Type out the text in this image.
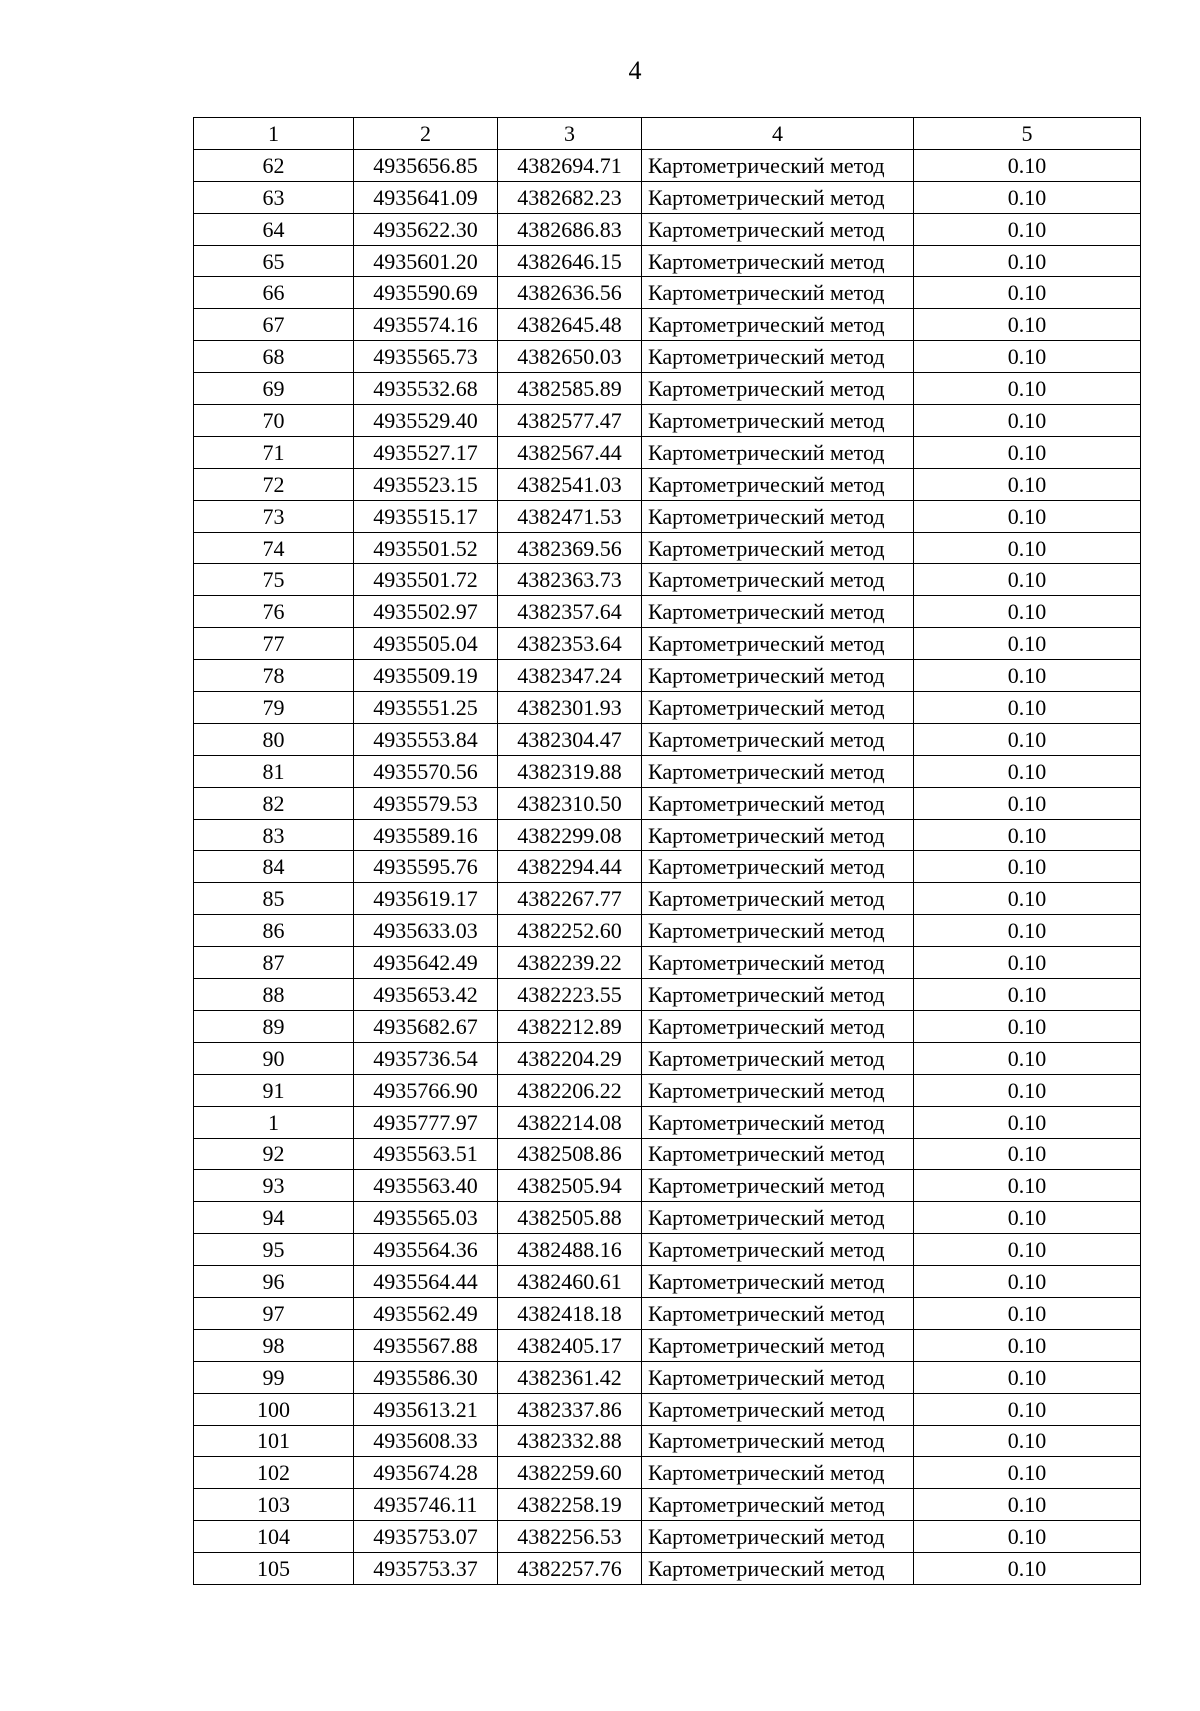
4
1	2	3	4	5
62	4935656.85	4382694.71	Картометрический метод	0.10
63	4935641.09	4382682.23	Картометрический метод	0.10
64	4935622.30	4382686.83	Картометрический метод	0.10
65	4935601.20	4382646.15	Картометрический метод	0.10
66	4935590.69	4382636.56	Картометрический метод	0.10
67	4935574.16	4382645.48	Картометрический метод	0.10
68	4935565.73	4382650.03	Картометрический метод	0.10
69	4935532.68	4382585.89	Картометрический метод	0.10
70	4935529.40	4382577.47	Картометрический метод	0.10
71	4935527.17	4382567.44	Картометрический метод	0.10
72	4935523.15	4382541.03	Картометрический метод	0.10
73	4935515.17	4382471.53	Картометрический метод	0.10
74	4935501.52	4382369.56	Картометрический метод	0.10
75	4935501.72	4382363.73	Картометрический метод	0.10
76	4935502.97	4382357.64	Картометрический метод	0.10
77	4935505.04	4382353.64	Картометрический метод	0.10
78	4935509.19	4382347.24	Картометрический метод	0.10
79	4935551.25	4382301.93	Картометрический метод	0.10
80	4935553.84	4382304.47	Картометрический метод	0.10
81	4935570.56	4382319.88	Картометрический метод	0.10
82	4935579.53	4382310.50	Картометрический метод	0.10
83	4935589.16	4382299.08	Картометрический метод	0.10
84	4935595.76	4382294.44	Картометрический метод	0.10
85	4935619.17	4382267.77	Картометрический метод	0.10
86	4935633.03	4382252.60	Картометрический метод	0.10
87	4935642.49	4382239.22	Картометрический метод	0.10
88	4935653.42	4382223.55	Картометрический метод	0.10
89	4935682.67	4382212.89	Картометрический метод	0.10
90	4935736.54	4382204.29	Картометрический метод	0.10
91	4935766.90	4382206.22	Картометрический метод	0.10
1	4935777.97	4382214.08	Картометрический метод	0.10
92	4935563.51	4382508.86	Картометрический метод	0.10
93	4935563.40	4382505.94	Картометрический метод	0.10
94	4935565.03	4382505.88	Картометрический метод	0.10
95	4935564.36	4382488.16	Картометрический метод	0.10
96	4935564.44	4382460.61	Картометрический метод	0.10
97	4935562.49	4382418.18	Картометрический метод	0.10
98	4935567.88	4382405.17	Картометрический метод	0.10
99	4935586.30	4382361.42	Картометрический метод	0.10
100	4935613.21	4382337.86	Картометрический метод	0.10
101	4935608.33	4382332.88	Картометрический метод	0.10
102	4935674.28	4382259.60	Картометрический метод	0.10
103	4935746.11	4382258.19	Картометрический метод	0.10
104	4935753.07	4382256.53	Картометрический метод	0.10
105	4935753.37	4382257.76	Картометрический метод	0.10
